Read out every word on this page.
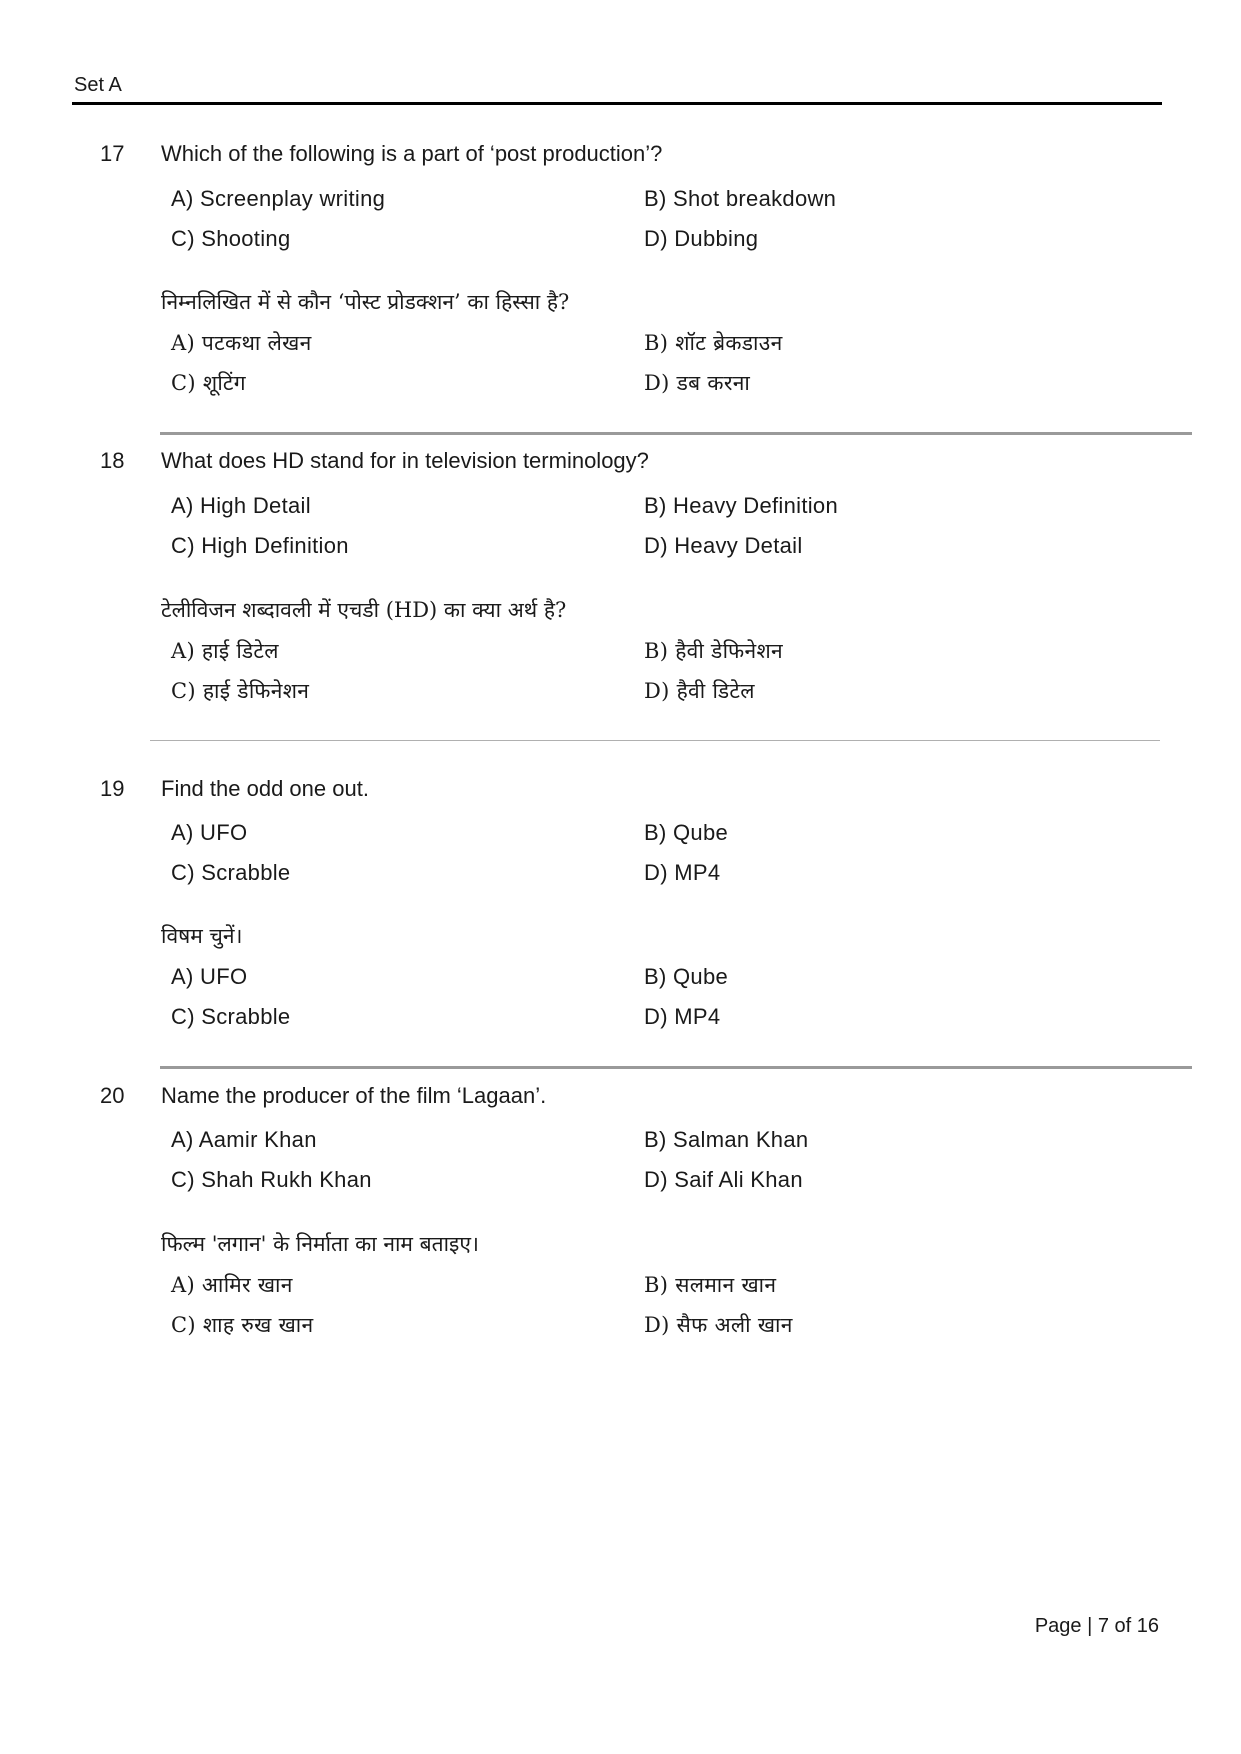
Set A
17 Which of the following is a part of ‘post production’?
A) Screenplay writing	B) Shot breakdown
C) Shooting	D) Dubbing
निम्नलिखित में से कौन ‘पोस्ट प्रोडक्शन’ का हिस्सा है?
A) पटकथा लेखन	B) शॉट ब्रेकडाउन
C) शूटिंग	D) डब करना
18 What does HD stand for in television terminology?
A) High Detail	B) Heavy Definition
C) High Definition	D) Heavy Detail
टेलीविजन शब्दावली में एचडी (HD) का क्या अर्थ है?
A) हाई डिटेल	B) हैवी डेफिनेशन
C) हाई डेफिनेशन	D) हैवी डिटेल
19 Find the odd one out.
A) UFO	B) Qube
C) Scrabble	D) MP4
विषम चुनें।
A) UFO	B) Qube
C) Scrabble	D) MP4
20 Name the producer of the film ‘Lagaan’.
A) Aamir Khan	B) Salman Khan
C) Shah Rukh Khan	D) Saif Ali Khan
फिल्म 'लगान' के निर्माता का नाम बताइए।
A) आमिर खान	B) सलमान खान
C) शाह रुख खान	D) सैफ अली खान
Page | 7 of 16
